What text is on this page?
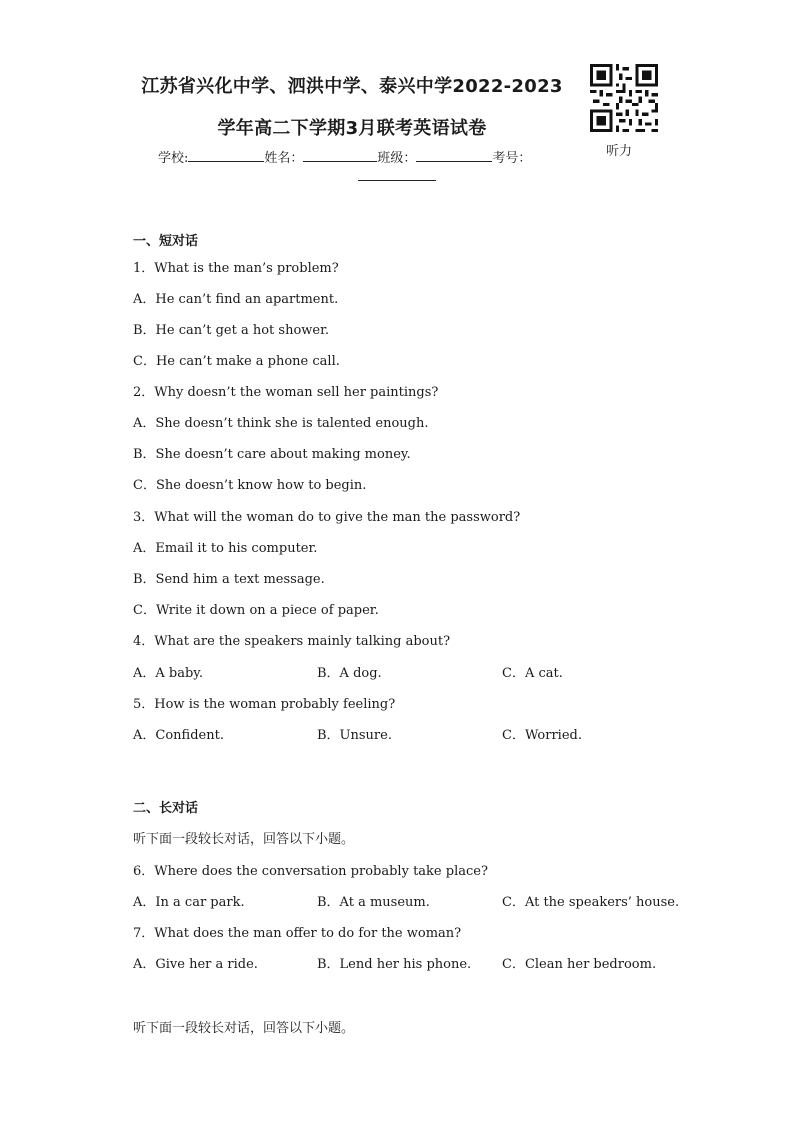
江苏省兴化中学、泗洪中学、泰兴中学2022-2023
学年高二下学期3月联考英语试卷
学校:	姓名：	班级：	考号：	听力
一、短对话
1．What is the man’s problem?
A．He can’t find an apartment.
B．He can’t get a hot shower.
C．He can’t make a phone call.
2．Why doesn’t the woman sell her paintings?
A．She doesn’t think she is talented enough.
B．She doesn’t care about making money.
C．She doesn’t know how to begin.
3．What will the woman do to give the man the password?
A．Email it to his computer.
B．Send him a text message.
C．Write it down on a piece of paper.
4．What are the speakers mainly talking about?
A．A baby.	B．A dog.	C．A cat.
5．How is the woman probably feeling?
A．Confident.	B．Unsure.	C．Worried.
二、长对话
听下面一段较长对话，回答以下小题。
6．Where does the conversation probably take place?
A．In a car park.	B．At a museum.	C．At the speakers’ house.
7．What does the man offer to do for the woman?
A．Give her a ride.	B．Lend her his phone. C．Clean her bedroom.
听下面一段较长对话，回答以下小题。
